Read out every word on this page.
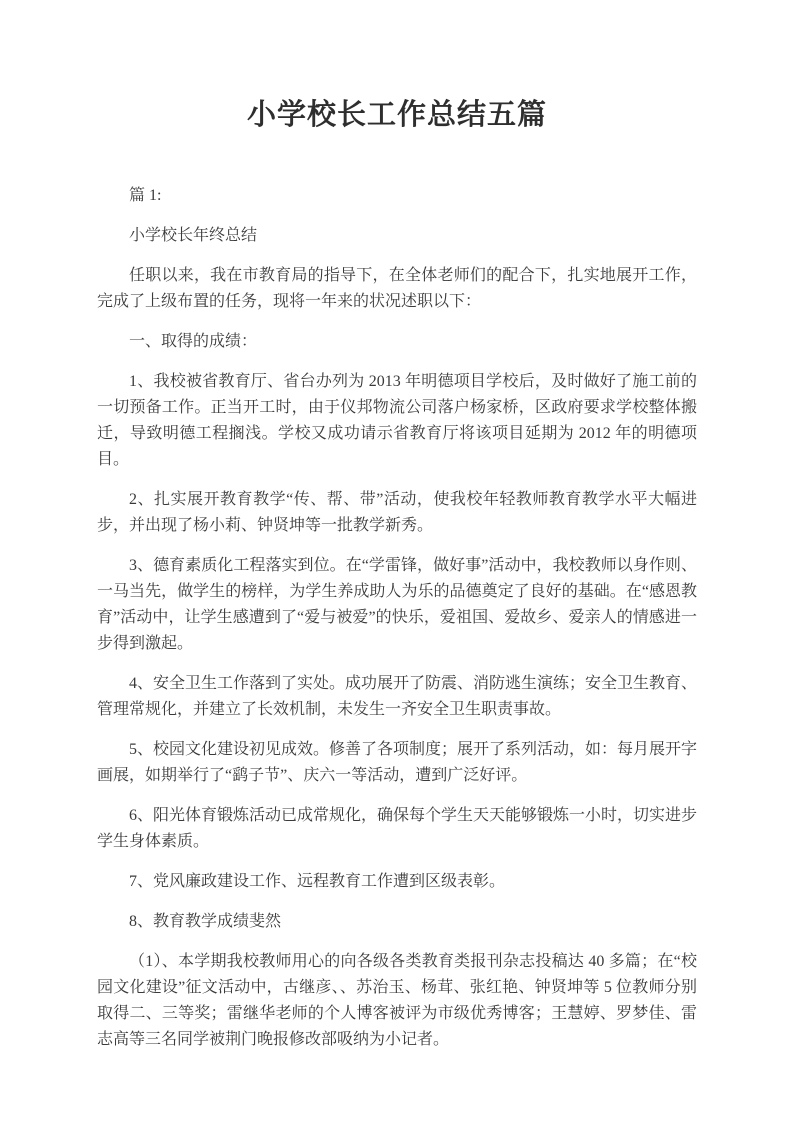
小学校长工作总结五篇

篇 1:

小学校长年终总结

任职以来，我在市教育局的指导下，在全体老师们的配合下，扎实地展开工作，完成了上级布置的任务，现将一年来的状况述职以下：

一、取得的成绩：

1、我校被省教育厅、省台办列为 2013 年明德项目学校后，及时做好了施工前的一切预备工作。正当开工时，由于仪邦物流公司落户杨家桥，区政府要求学校整体搬迁，导致明德工程搁浅。学校又成功请示省教育厅将该项目延期为 2012 年的明德项目。

2、扎实展开教育教学“传、帮、带”活动，使我校年轻教师教育教学水平大幅进步，并出现了杨小莉、钟贤坤等一批教学新秀。

3、德育素质化工程落实到位。在“学雷锋，做好事”活动中，我校教师以身作则、一马当先，做学生的榜样，为学生养成助人为乐的品德奠定了良好的基础。在“感恩教育”活动中，让学生感遭到了“爱与被爱”的快乐，爱祖国、爱故乡、爱亲人的情感进一步得到激起。

4、安全卫生工作落到了实处。成功展开了防震、消防逃生演练；安全卫生教育、管理常规化，并建立了长效机制，未发生一齐安全卫生职责事故。

5、校园文化建设初见成效。修善了各项制度；展开了系列活动，如：每月展开字画展，如期举行了“鹞子节”、庆六一等活动，遭到广泛好评。

6、阳光体育锻炼活动已成常规化，确保每个学生天天能够锻炼一小时，切实进步学生身体素质。

7、党风廉政建设工作、远程教育工作遭到区级表彰。

8、教育教学成绩斐然

（1）、本学期我校教师用心的向各级各类教育类报刊杂志投稿达 40 多篇；在“校园文化建设”征文活动中，古继彦、、苏治玉、杨茸、张红艳、钟贤坤等 5 位教师分别取得二、三等奖；雷继华老师的个人博客被评为市级优秀博客；王慧婷、罗梦佳、雷志高等三名同学被荆门晚报修改部吸纳为小记者。
